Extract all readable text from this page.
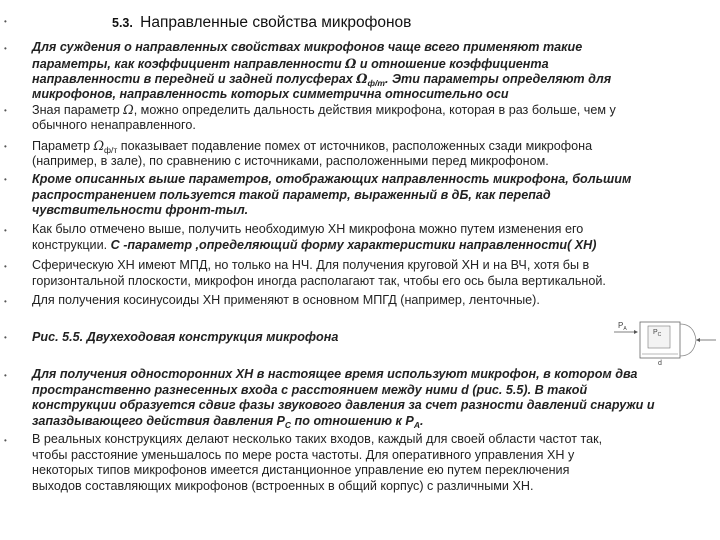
•
•
•
•
•
•
•
•
•
•
•
5.3. Направленные свойства микрофонов
Для суждения о направленных свойствах микрофонов чаще всего применяют такие
параметры, как коэффициент направленности Ω и отношение коэффициента
направленности в передней и задней полусферах $\Omega_{ф/т}$. Эти параметры определяют для
микрофонов, направленность которых симметрична относительно оси
Зная параметр Ω, можно определить дальность действия микрофона, которая в раз больше, чем у
обычного ненаправленного.
Параметр $\Omega_{ф/т}$ показывает подавление помех от источников, расположенных сзади микрофона
(например, в зале), по сравнению с источниками, расположенными перед микрофоном.
Кроме описанных выше параметров, отображающих направленность микрофона, большим
распространением пользуется такой параметр, выраженный в дБ, как перепад
чувствительности фронт-тыл.
Как было отмечено выше, получить необходимую ХН микрофона можно путем изменения его
конструкции. С -параметр ,определяющий форму характеристики направленности( ХН)
Сферическую ХН имеют МПД, но только на НЧ. Для получения круговой ХН и на ВЧ, хотя бы в
горизонтальной плоскости, микрофон иногда располагают так, чтобы его ось была вертикальной.
Для получения косинусоиды ХН применяют в основном МПГД (например, ленточные).
Рис. 5.5. Двухеходовая конструкция микрофона
$P_A$	$P_C$
d
Для получения односторонних ХН в настоящее время используют микрофон, в котором два
пространственно разнесенных входа с расстоянием между ними d (рис. 5.5). В такой
конструкции образуется сдвиг фазы звукового давления за счет разности давлений снаружи и
запаздывающего действия давления $P_C$ по отношению к $P_A$.
В реальных конструкциях делают несколько таких входов, каждый для своей области частот так,
чтобы расстояние уменьшалось по мере роста частоты. Для оперативного управления ХН у
некоторых типов микрофонов имеется дистанционное управление ею путем переключения
выходов составляющих микрофонов (встроенных в общий корпус) с различными ХН.
